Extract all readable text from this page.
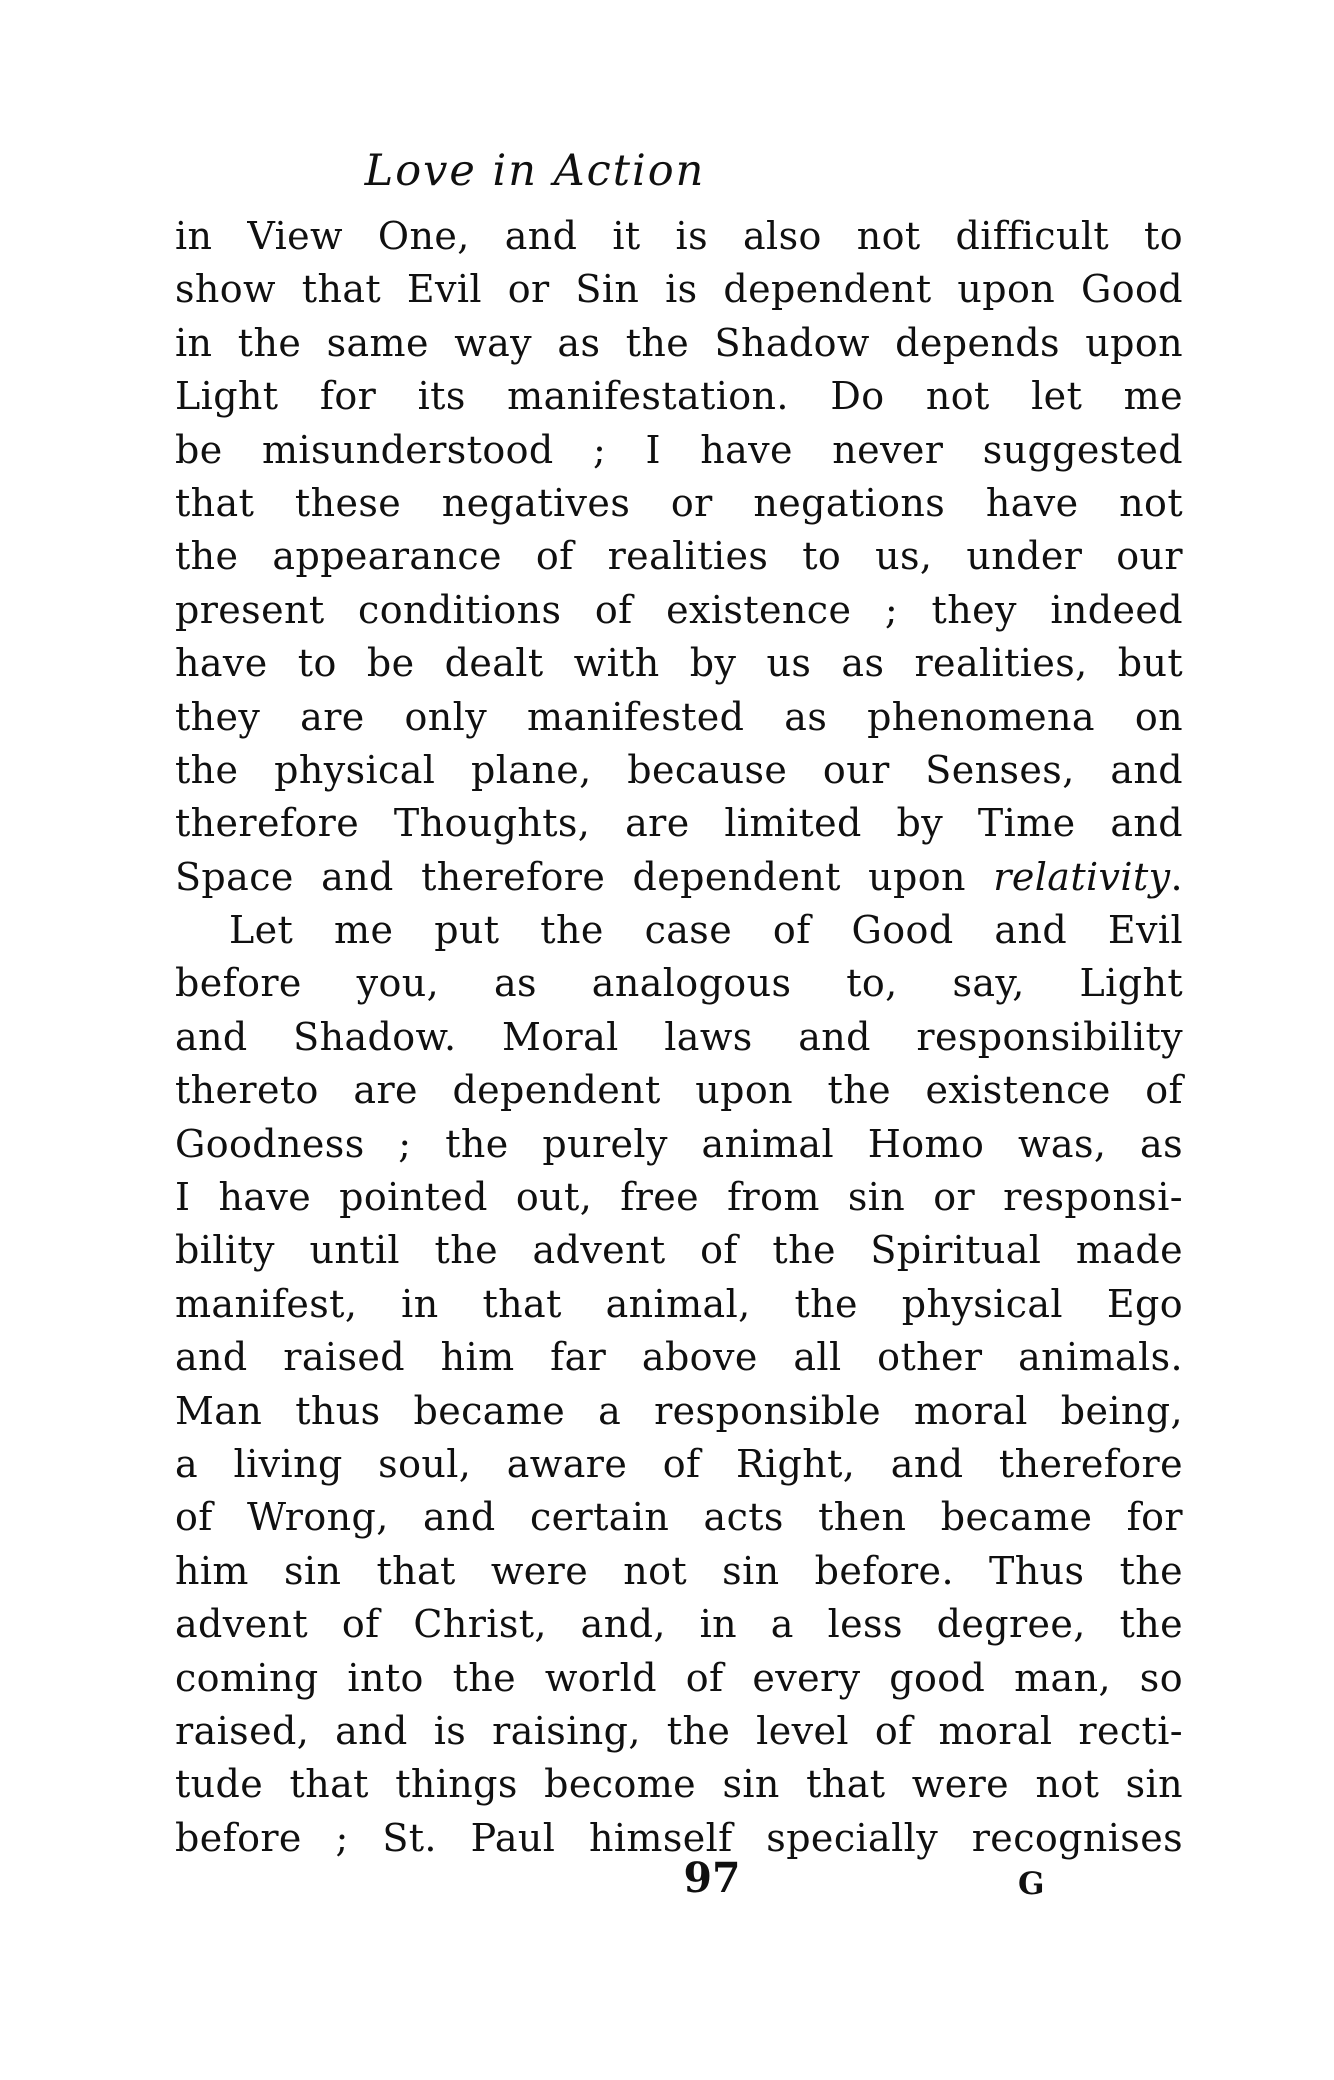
Love in Action
in View One, and it is also not difficult to
show that Evil or Sin is dependent upon Good
in the same way as the Shadow depends upon
Light for its manifestation. Do not let me
be misunderstood ; I have never suggested
that these negatives or negations have not
the appearance of realities to us, under our
present conditions of existence ; they indeed
have to be dealt with by us as realities, but
they are only manifested as phenomena on
the physical plane, because our Senses, and
therefore Thoughts, are limited by Time and
Space and therefore dependent upon relativity.
Let me put the case of Good and Evil
before you, as analogous to, say, Light
and Shadow. Moral laws and responsibility
thereto are dependent upon the existence of
Goodness ; the purely animal Homo was, as
I have pointed out, free from sin or responsi-
bility until the advent of the Spiritual made
manifest, in that animal, the physical Ego
and raised him far above all other animals.
Man thus became a responsible moral being,
a living soul, aware of Right, and therefore
of Wrong, and certain acts then became for
him sin that were not sin before. Thus the
advent of Christ, and, in a less degree, the
coming into the world of every good man, so
raised, and is raising, the level of moral recti-
tude that things become sin that were not sin
before ; St. Paul himself specially recognises
97	G
